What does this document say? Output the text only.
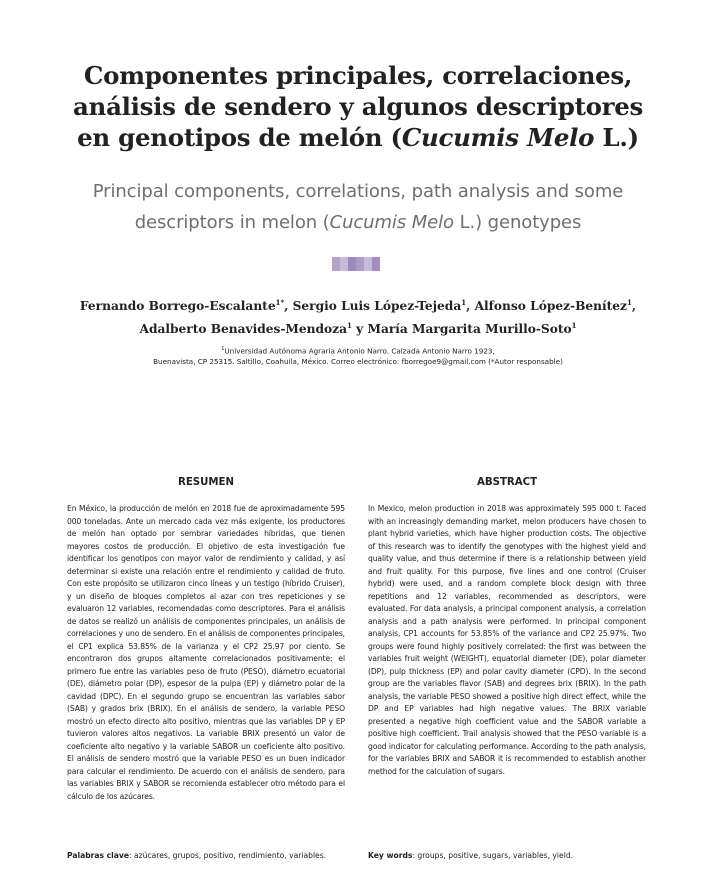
Componentes principales, correlaciones,
análisis de sendero y algunos descriptores
en genotipos de melón (Cucumis Melo L.)
Principal components, correlations, path analysis and some
descriptors in melon (Cucumis Melo L.) genotypes
Fernando Borrego-Escalante$^{1*}$, Sergio Luis López-Tejeda$^1$, Alfonso López-Benítez$^1$,
Adalberto Benavides-Mendoza$^1$ y María Margarita Murillo-Soto$^1$
$^1$Universidad Autónoma Agraria Antonio Narro. Calzada Antonio Narro 1923,
Buenavista, CP 25315. Saltillo, Coahuila, México. Correo electrónico: fborregoe9@gmail.com (*Autor responsable)
RESUMEN
En México, la producción de melón en 2018 fue de aproximadamente 595 000 toneladas. Ante un mercado cada vez más exigente, los productores de melón han optado por sembrar variedades híbridas, que tienen mayores costos de producción. El objetivo de esta investigación fue identificar los genotipos con mayor valor de rendimiento y calidad, y así determinar si existe una relación entre el rendimiento y calidad de fruto. Con este propósito se utilizaron cinco líneas y un testigo (híbrido Cruiser), y un diseño de bloques completos al azar con tres repeticiones y se evaluaron 12 variables, recomendadas como descriptores. Para el análisis de datos se realizó un análisis de componentes principales, un análisis de correlaciones y uno de sendero. En el análisis de componentes principales, el CP1 explica 53.85% de la varianza y el CP2 25.97 por ciento. Se encontraron dos grupos altamente correlacionados positivamente: el primero fue entre las variables peso de fruto (PESO), diámetro ecuatorial (DE), diámetro polar (DP), espesor de la pulpa (EP) y diámetro polar de la cavidad (DPC). En el segundo grupo se encuentran las variables sabor (SAB) y grados brix (BRIX). En el análisis de sendero, la variable PESO mostró un efecto directo alto positivo, mientras que las variables DP y EP tuvieron valores altos negativos. La variable BRIX presentó un valor de coeficiente alto negativo y la variable SABOR un coeficiente alto positivo. El análisis de sendero mostró que la variable PESO es un buen indicador para calcular el rendimiento. De acuerdo con el análisis de sendero, para las variables BRIX y SABOR se recomienda establecer otro método para el cálculo de los azúcares.
Palabras clave: azúcares, grupos, positivo, rendimiento, variables.
ABSTRACT
In Mexico, melon production in 2018 was approximately 595 000 t. Faced with an increasingly demanding market, melon producers have chosen to plant hybrid varieties, which have higher production costs. The objective of this research was to identify the genotypes with the highest yield and quality value, and thus determine if there is a relationship between yield and fruit quality. For this purpose, five lines and one control (Cruiser hybrid) were used, and a random complete block design with three repetitions and 12 variables, recommended as descriptors, were evaluated. For data analysis, a principal component analysis, a correlation analysis and a path analysis were performed. In principal component analysis, CP1 accounts for 53.85% of the variance and CP2 25.97%. Two groups were found highly positively correlated: the first was between the variables fruit weight (WEIGHT), equatorial diameter (DE), polar diameter (DP), pulp thickness (EP) and polar cavity diameter (CPD). In the second group are the variables flavor (SAB) and degrees brix (BRIX). In the path analysis, the variable PESO showed a positive high direct effect, while the DP and EP variables had high negative values. The BRIX variable presented a negative high coefficient value and the SABOR variable a positive high coefficient. Trail analysis showed that the PESO variable is a good indicator for calculating performance. According to the path analysis, for the variables BRIX and SABOR it is recommended to establish another method for the calculation of sugars.
Key words: groups, positive, sugars, variables, yield.
